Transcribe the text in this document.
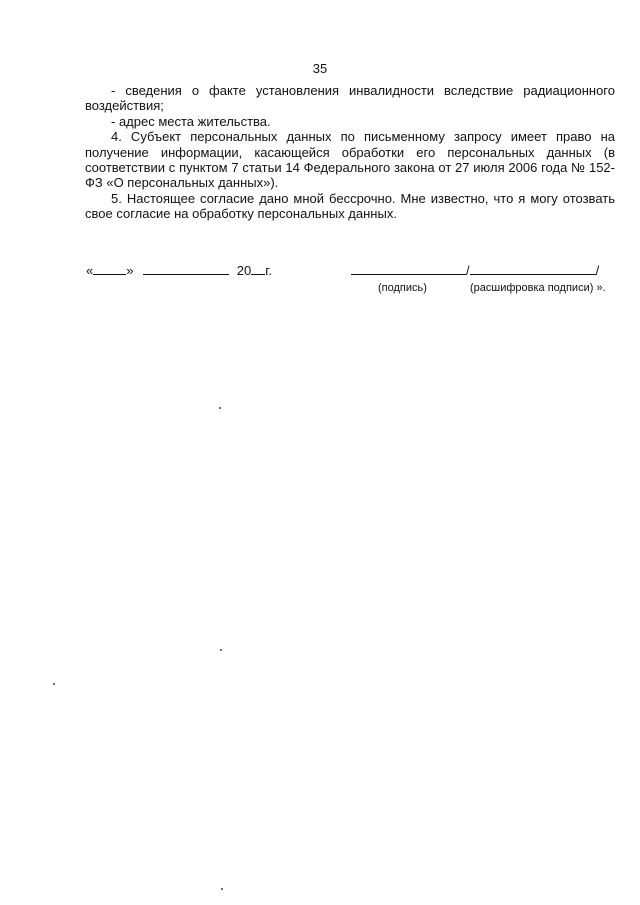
35

- сведения о факте установления инвалидности вследствие радиационного воздействия;

- адрес места жительства.

4. Субъект персональных данных по письменному запросу имеет право на получение информации, касающейся обработки его персональных данных (в соответствии с пунктом 7 статьи 14 Федерального закона от 27 июля 2006 года № 152-ФЗ «О персональных данных»).

5. Настоящее согласие дано мной бессрочно. Мне известно, что я могу отозвать свое согласие на обработку персональных данных.

«	»	20 г.	/	/
(подпись)	(расшифровка подписи) ».
